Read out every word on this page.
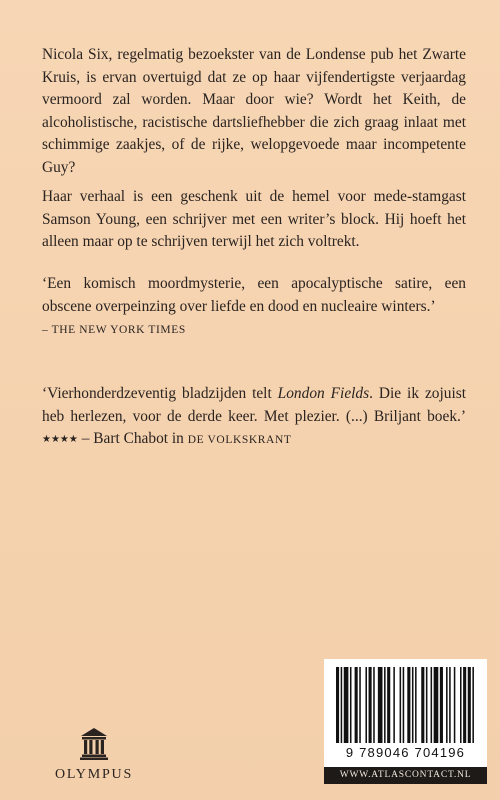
Nicola Six, regelmatig bezoekster van de Londense pub het Zwarte Kruis, is ervan overtuigd dat ze op haar vijfendertigste verjaardag vermoord zal worden. Maar door wie? Wordt het Keith, de alcoholistische, racistische dartsliefhebber die zich graag inlaat met schimmige zaakjes, of de rijke, welopgevoede maar incompetente Guy?

Haar verhaal is een geschenk uit de hemel voor mede-stamgast Samson Young, een schrijver met een writer’s block. Hij hoeft het alleen maar op te schrijven terwijl het zich voltrekt.

‘Een komisch moordmysterie, een apocalyptische satire, een obscene overpeinzing over liefde en dood en nucleaire winters.’
– THE NEW YORK TIMES
‘Vierhonderdzeventig bladzijden telt London Fields. Die ik zojuist heb herlezen, voor de derde keer. Met plezier. (...) Briljant boek.’ ★★★★ – Bart Chabot in DE VOLKSKRANT
OLYMPUS
9 789046 704196
WWW.ATLASCONTACT.NL
